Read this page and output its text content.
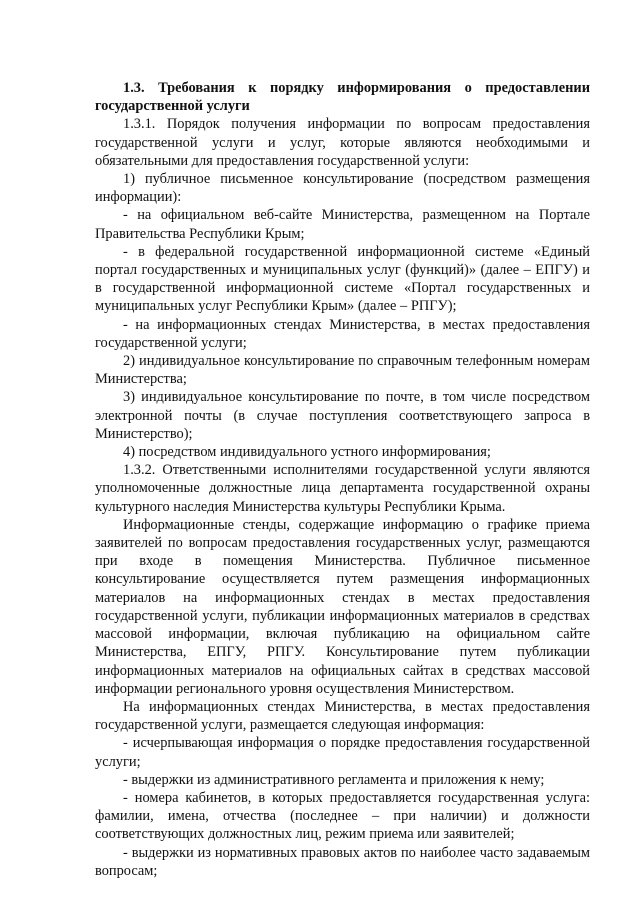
1.3. Требования к порядку информирования о предоставлении государственной услуги

1.3.1. Порядок получения информации по вопросам предоставления государственной услуги и услуг, которые являются необходимыми и обязательными для предоставления государственной услуги:

1) публичное письменное консультирование (посредством размещения информации):

- на официальном веб-сайте Министерства, размещенном на Портале Правительства Республики Крым;

- в федеральной государственной информационной системе «Единый портал государственных и муниципальных услуг (функций)» (далее – ЕПГУ) и в государственной информационной системе «Портал государственных и муниципальных услуг Республики Крым» (далее – РПГУ);

- на информационных стендах Министерства, в местах предоставления государственной услуги;

2) индивидуальное консультирование по справочным телефонным номерам Министерства;

3) индивидуальное консультирование по почте, в том числе посредством электронной почты (в случае поступления соответствующего запроса в Министерство);

4) посредством индивидуального устного информирования;

1.3.2. Ответственными исполнителями государственной услуги являются уполномоченные должностные лица департамента государственной охраны культурного наследия Министерства культуры Республики Крыма.

Информационные стенды, содержащие информацию о графике приема заявителей по вопросам предоставления государственных услуг, размещаются при входе в помещения Министерства. Публичное письменное консультирование осуществляется путем размещения информационных материалов на информационных стендах в местах предоставления государственной услуги, публикации информационных материалов в средствах массовой информации, включая публикацию на официальном сайте Министерства, ЕПГУ, РПГУ. Консультирование путем публикации информационных материалов на официальных сайтах в средствах массовой информации регионального уровня осуществления Министерством.

На информационных стендах Министерства, в местах предоставления государственной услуги, размещается следующая информация:

- исчерпывающая информация о порядке предоставления государственной услуги;

- выдержки из административного регламента и приложения к нему;

- номера кабинетов, в которых предоставляется государственная услуга: фамилии, имена, отчества (последнее – при наличии) и должности соответствующих должностных лиц, режим приема или заявителей;

- выдержки из нормативных правовых актов по наиболее часто задаваемым вопросам;
